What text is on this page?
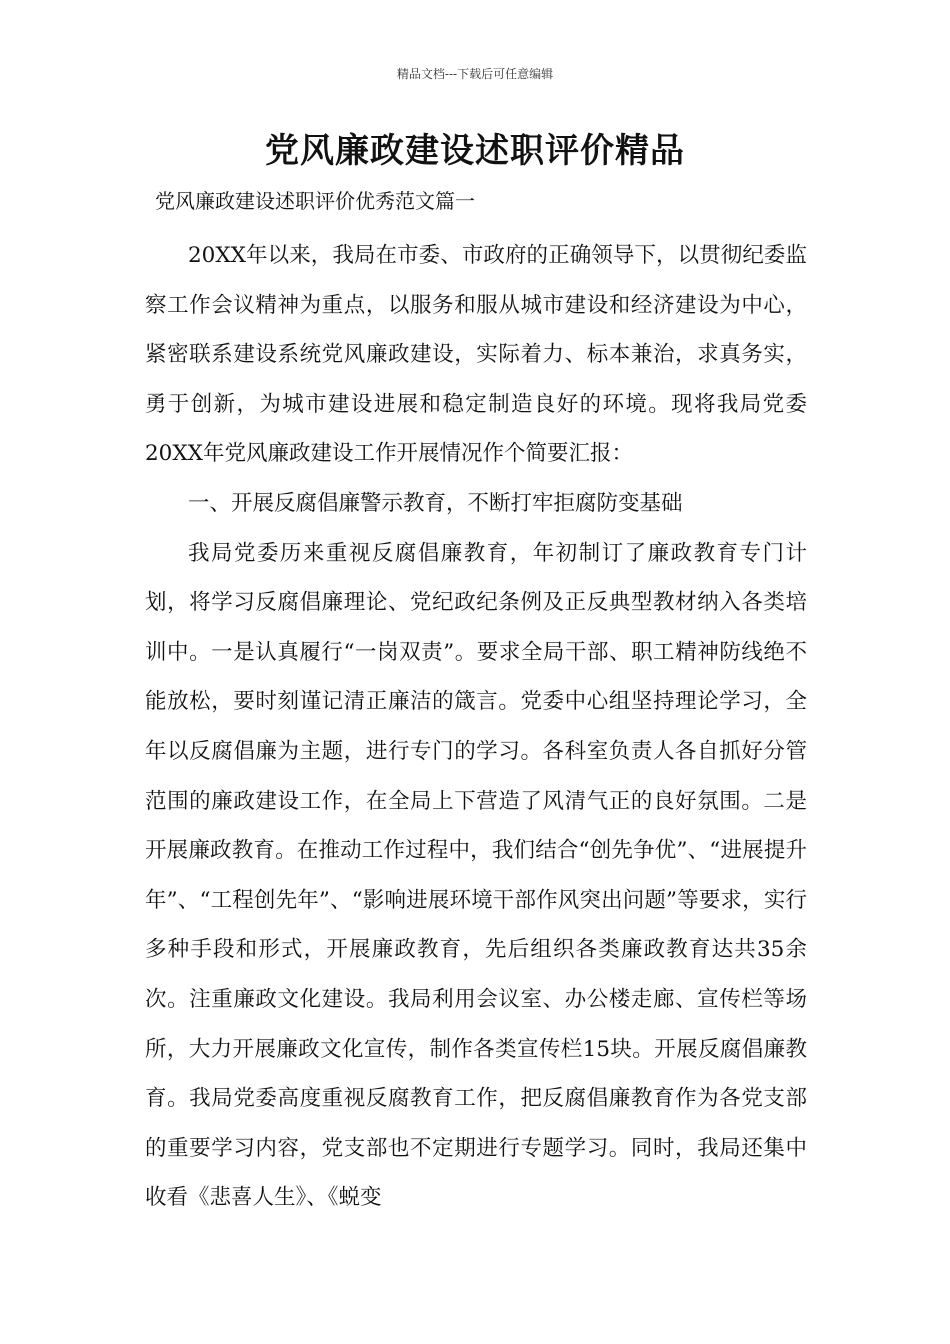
精品文档---下载后可任意编辑
党风廉政建设述职评价精品
党风廉政建设述职评价优秀范文篇一

20XX年以来，我局在市委、市政府的正确领导下，以贯彻纪委监察工作会议精神为重点，以服务和服从城市建设和经济建设为中心，紧密联系建设系统党风廉政建设，实际着力、标本兼治，求真务实，勇于创新，为城市建设进展和稳定制造良好的环境。现将我局党委20XX年党风廉政建设工作开展情况作个简要汇报：

一、开展反腐倡廉警示教育，不断打牢拒腐防变基础

我局党委历来重视反腐倡廉教育，年初制订了廉政教育专门计划，将学习反腐倡廉理论、党纪政纪条例及正反典型教材纳入各类培训中。一是认真履行“一岗双责”。要求全局干部、职工精神防线绝不能放松，要时刻谨记清正廉洁的箴言。党委中心组坚持理论学习，全年以反腐倡廉为主题，进行专门的学习。各科室负责人各自抓好分管范围的廉政建设工作，在全局上下营造了风清气正的良好氛围。二是开展廉政教育。在推动工作过程中，我们结合“创先争优”、“进展提升年”、“工程创先年”、“影响进展环境干部作风突出问题”等要求，实行多种手段和形式，开展廉政教育，先后组织各类廉政教育达共35余次。注重廉政文化建设。我局利用会议室、办公楼走廊、宣传栏等场所，大力开展廉政文化宣传，制作各类宣传栏15块。开展反腐倡廉教育。我局党委高度重视反腐教育工作，把反腐倡廉教育作为各党支部的重要学习内容，党支部也不定期进行专题学习。同时，我局还集中收看《悲喜人生》、《蜕变
